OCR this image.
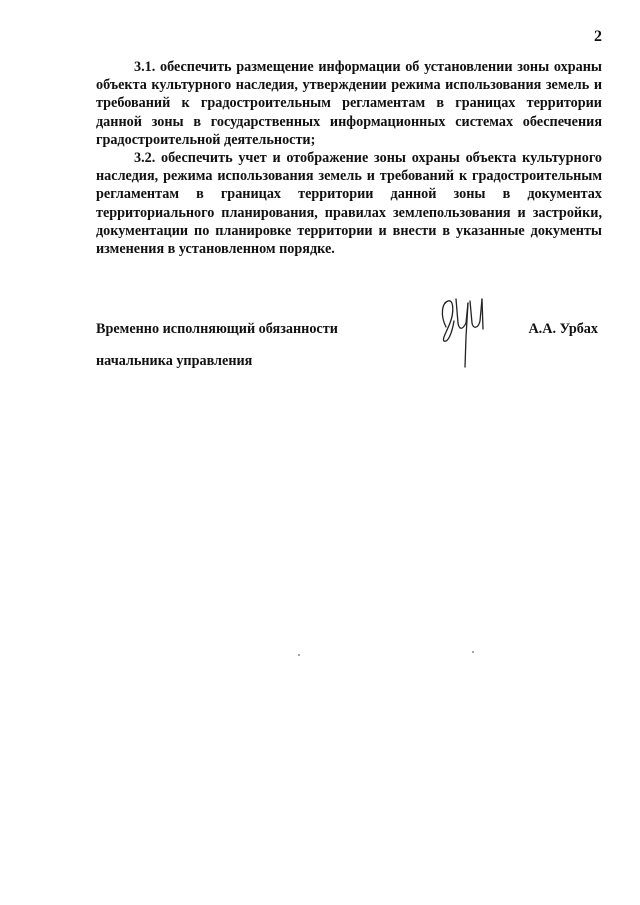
2

3.1. обеспечить размещение информации об установлении зоны охраны объекта культурного наследия, утверждении режима использования земель и требований к градостроительным регламентам в границах территории данной зоны в государственных информационных системах обеспечения градостроительной деятельности;

3.2. обеспечить учет и отображение зоны охраны объекта культурного наследия, режима использования земель и требований к градостроительным регламентам в границах территории данной зоны в документах территориального планирования, правилах землепользования и застройки, документации по планировке территории и внести в указанные документы изменения в установленном порядке.

Временно исполняющий обязанности

начальника управления

А.А. Урбах
